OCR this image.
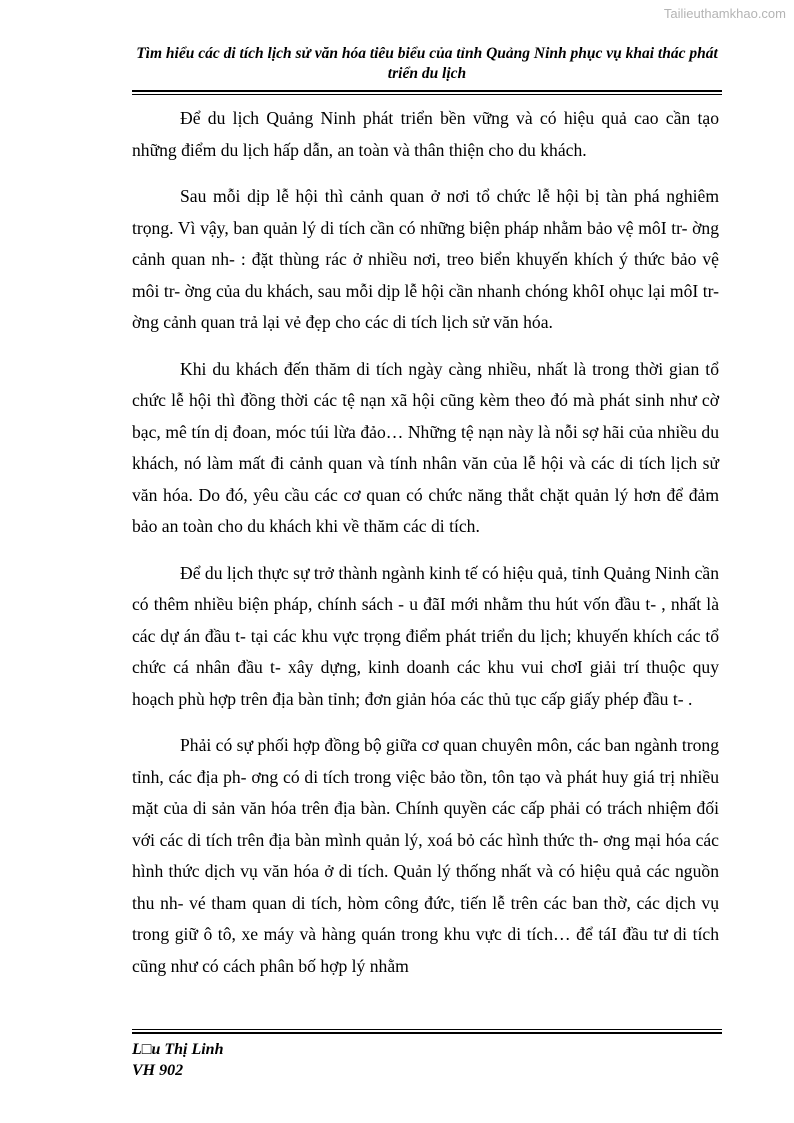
Tailieuthamkhao.com
Tìm hiểu các di tích lịch sử văn hóa tiêu biểu của tỉnh Quảng Ninh phục vụ khai thác phát triển du lịch

Để du lịch Quảng Ninh phát triển bền vững và có hiệu quả cao cần tạo những điểm du lịch hấp dẫn, an toàn và thân thiện cho du khách.

Sau mỗi dịp lễ hội thì cảnh quan ở nơi tổ chức lễ hội bị tàn phá nghiêm trọng. Vì vậy, ban quản lý di tích cần có những biện pháp nhằm bảo vệ môI tr- ờng cảnh quan nh- : đặt thùng rác ở nhiều nơi, treo biển khuyến khích ý thức bảo vệ môi tr- ờng của du khách, sau mỗi dịp lễ hội cần nhanh chóng khôI ohục lại môI tr- ờng cảnh quan trả lại vẻ đẹp cho các di tích lịch sử văn hóa.

Khi du khách đến thăm di tích ngày càng nhiều, nhất là trong thời gian tổ chức lễ hội thì đồng thời các tệ nạn xã hội cũng kèm theo đó mà phát sinh như cờ bạc, mê tín dị đoan, móc túi lừa đảo… Những tệ nạn này là nỗi sợ hãi của nhiều du khách, nó làm mất đi cảnh quan và tính nhân văn của lễ hội và các di tích lịch sử văn hóa. Do đó, yêu cầu các cơ quan có chức năng thắt chặt quản lý hơn để đảm bảo an toàn cho du khách khi về thăm các di tích.

Để du lịch thực sự trở thành ngành kinh tế có hiệu quả, tỉnh Quảng Ninh cần có thêm nhiều biện pháp, chính sách - u đãI mới nhằm thu hút vốn đầu t- , nhất là các dự án đầu t- tại các khu vực trọng điểm phát triển du lịch; khuyến khích các tổ chức cá nhân đầu t- xây dựng, kinh doanh các khu vui chơI giải trí thuộc quy hoạch phù hợp trên địa bàn tỉnh; đơn giản hóa các thủ tục cấp giấy phép đầu t- .

Phải có sự phối hợp đồng bộ giữa cơ quan chuyên môn, các ban ngành trong tỉnh, các địa ph- ơng có di tích trong việc bảo tồn, tôn tạo và phát huy giá trị nhiều mặt của di sản văn hóa trên địa bàn. Chính quyền các cấp phải có trách nhiệm đối với các di tích trên địa bàn mình quản lý, xoá bỏ các hình thức th- ơng mại hóa các hình thức dịch vụ văn hóa ở di tích. Quản lý thống nhất và có hiệu quả các nguồn thu nh- vé tham quan di tích, hòm công đức, tiến lễ trên các ban thờ, các dịch vụ trong giữ ô tô, xe máy và hàng quán trong khu vực di tích… để táI đầu tư di tích cũng như có cách phân bố hợp lý nhằm

L□u Thị Linh
VH 902
